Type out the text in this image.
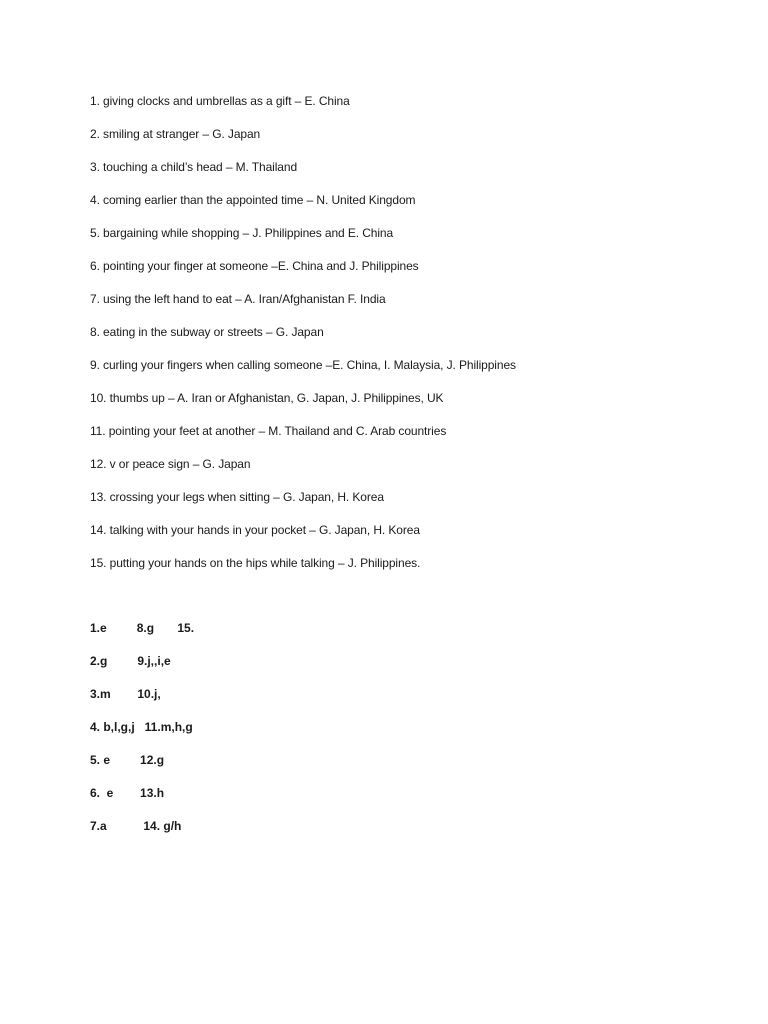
1. giving clocks and umbrellas as a gift – E. China
2. smiling at stranger – G. Japan
3. touching a child’s head – M. Thailand
4. coming earlier than the appointed time – N. United Kingdom
5. bargaining while shopping – J. Philippines and E. China
6. pointing your finger at someone –E. China and J. Philippines
7. using the left hand to eat – A. Iran/Afghanistan F. India
8. eating in the subway or streets – G. Japan
9. curling your fingers when calling someone –E. China, I. Malaysia, J. Philippines
10. thumbs up – A. Iran or Afghanistan, G. Japan, J. Philippines, UK
11. pointing your feet at another – M. Thailand and C. Arab countries
12. v or peace sign – G. Japan
13. crossing your legs when sitting – G. Japan, H. Korea
14. talking with your hands in your pocket – G. Japan, H. Korea
15. putting your hands on the hips while talking – J. Philippines.
1.e         8.g       15.
2.g         9.j,,i,e
3.m        10.j,
4. b,l,g,j   11.m,h,g
5. e         12.g
6.  e        13.h
7.a           14. g/h
